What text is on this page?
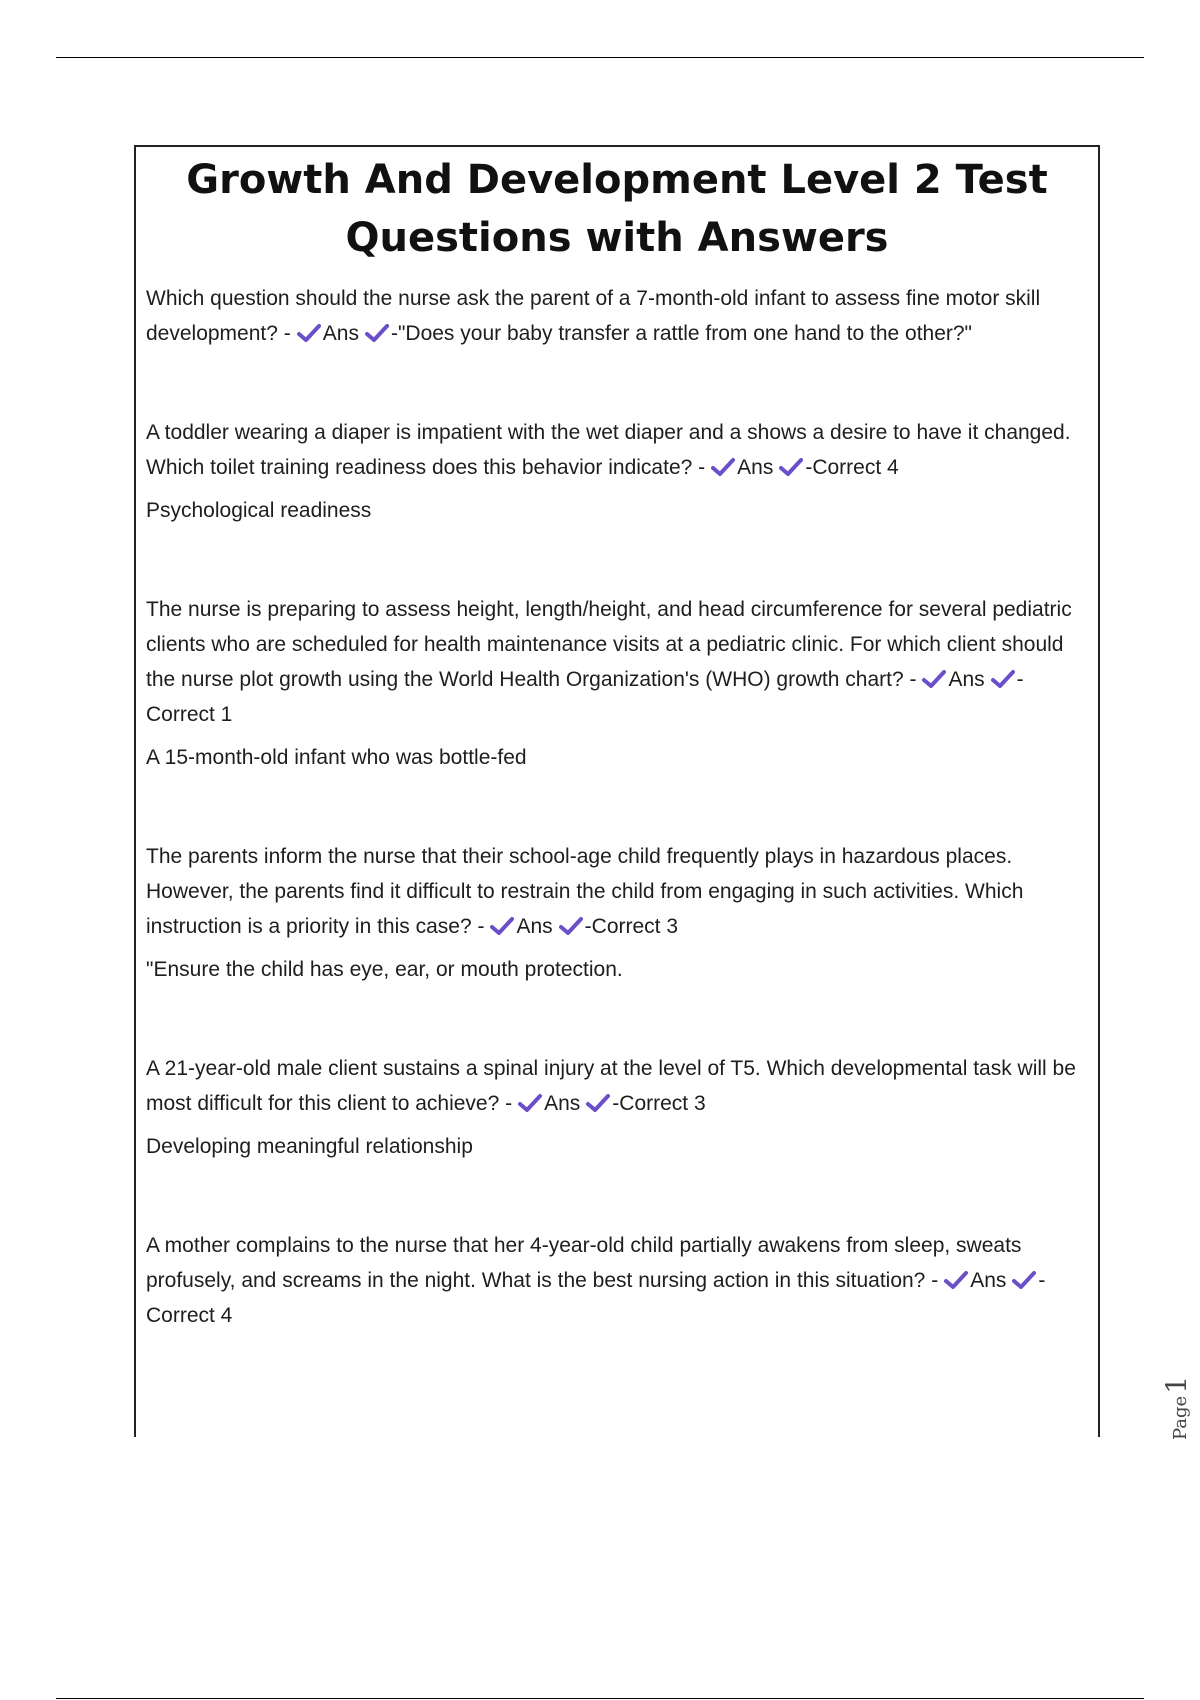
Growth And Development Level 2 Test Questions with Answers

Which question should the nurse ask the parent of a 7-month-old infant to assess fine motor skill development? - Ans -"Does your baby transfer a rattle from one hand to the other?"

A toddler wearing a diaper is impatient with the wet diaper and a shows a desire to have it changed. Which toilet training readiness does this behavior indicate? - Ans -Correct 4

Psychological readiness

The nurse is preparing to assess height, length/height, and head circumference for several pediatric clients who are scheduled for health maintenance visits at a pediatric clinic. For which client should the nurse plot growth using the World Health Organization's (WHO) growth chart? - Ans -Correct 1

A 15-month-old infant who was bottle-fed

The parents inform the nurse that their school-age child frequently plays in hazardous places. However, the parents find it difficult to restrain the child from engaging in such activities. Which instruction is a priority in this case? - Ans -Correct 3

"Ensure the child has eye, ear, or mouth protection.

A 21-year-old male client sustains a spinal injury at the level of T5. Which developmental task will be most difficult for this client to achieve? - Ans -Correct 3

Developing meaningful relationship

A mother complains to the nurse that her 4-year-old child partially awakens from sleep, sweats profusely, and screams in the night. What is the best nursing action in this situation? - Ans -Correct 4

Page1
